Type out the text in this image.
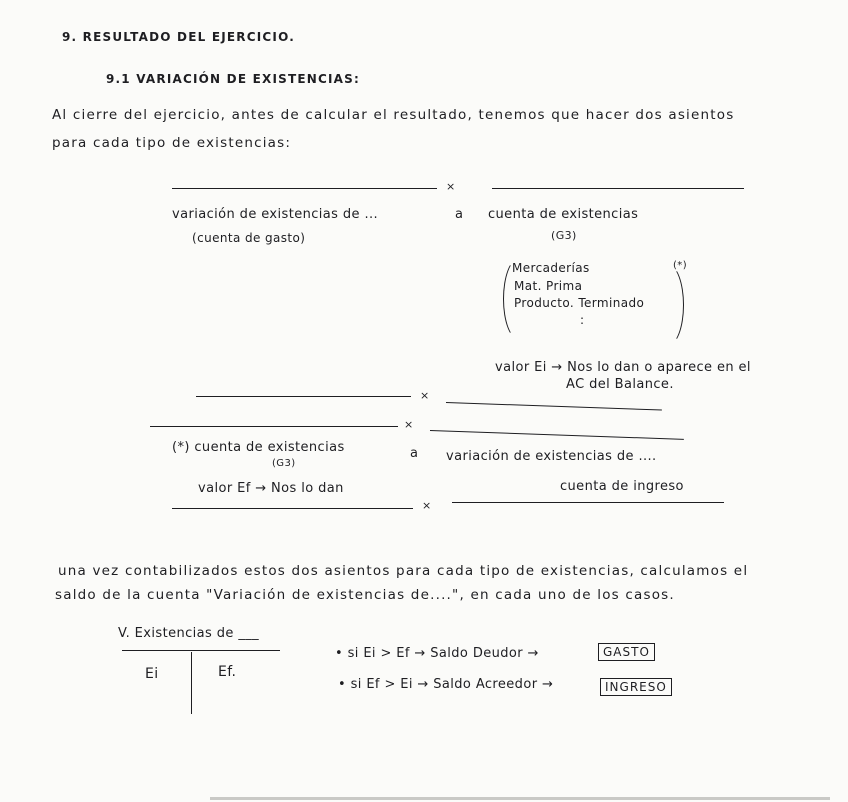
9. RESULTADO DEL EJERCICIO.
9.1 VARIACIÓN DE EXISTENCIAS:
Al cierre del ejercicio, antes de calcular el resultado, tenemos que hacer dos asientos
para cada tipo de existencias:
×
variación de existencias de ...	a cuenta de existencias
(cuenta de gasto)	(G3)
Mercaderías
Mat. Prima
Producto. Terminado
:
(*)
valor Ei → Nos lo dan o aparece en el
AC del Balance.
×
×
(*) cuenta de existencias	a variación de existencias de ....
(G3)
valor Ef → Nos lo dan	cuenta de ingreso
×
una vez contabilizados estos dos asientos para cada tipo de existencias, calculamos el
saldo de la cuenta "Variación de existencias de....", en cada uno de los casos.
V. Existencias de ___
Ei	Ef.
• si Ei > Ef → Saldo Deudor →	GASTO
• si Ef > Ei → Saldo Acreedor →	INGRESO
